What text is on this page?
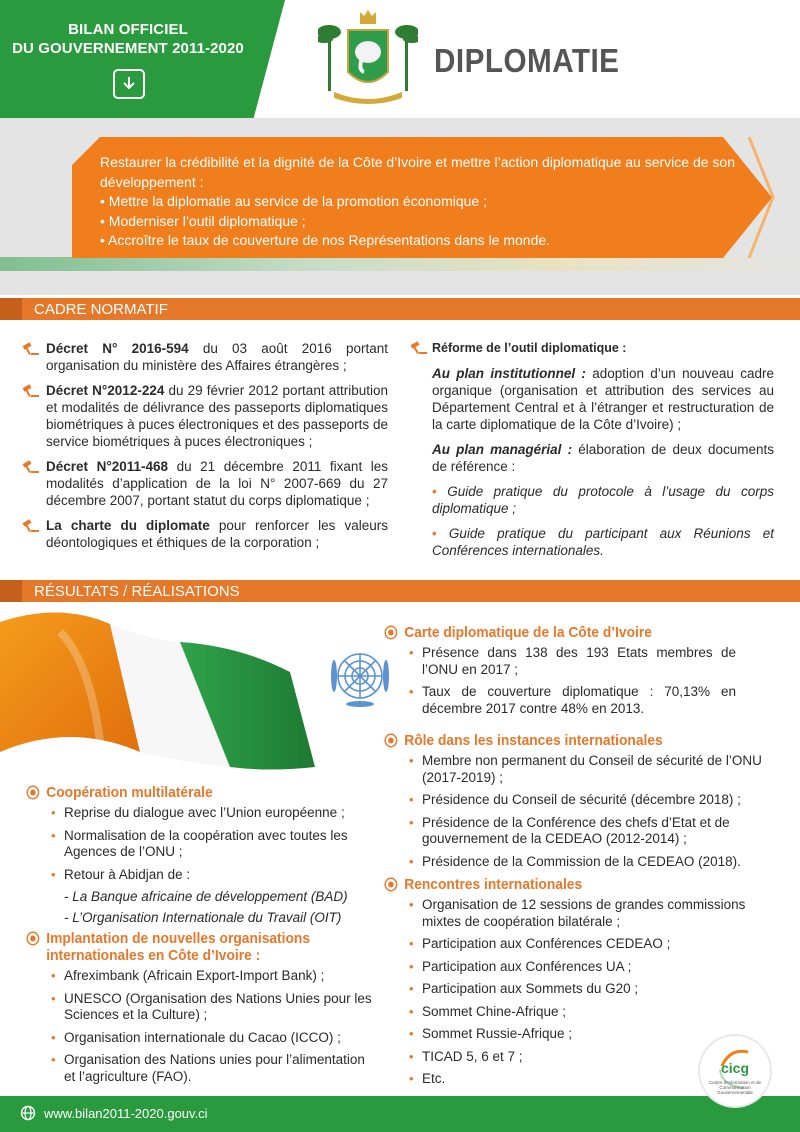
BILAN OFFICIEL
DU GOUVERNEMENT 2011-2020	DIPLOMATIE
Restaurer la crédibilité et la dignité de la Côte d’Ivoire et mettre l’action diplomatique au service de son développement :
• Mettre la diplomatie au service de la promotion économique ;
• Moderniser l’outil diplomatique ;
• Accroître le taux de couverture de nos Représentations dans le monde.
CADRE NORMATIF
Décret N° 2016-594 du 03 août 2016 portant organisation du ministère des Affaires étrangères ;
Décret N°2012-224 du 29 février 2012 portant attribution et modalités de délivrance des passeports diplomatiques biométriques à puces électroniques et des passeports de service biométriques à puces électroniques ;
Décret N°2011-468 du 21 décembre 2011 fixant les modalités d’application de la loi N° 2007-669 du 27 décembre 2007, portant statut du corps diplomatique ;
La charte du diplomate pour renforcer les valeurs déontologiques et éthiques de la corporation ;
Réforme de l’outil diplomatique :

Au plan institutionnel : adoption d’un nouveau cadre organique (organisation et attribution des services au Département Central et à l’étranger et restructuration de la carte diplomatique de la Côte d’Ivoire) ;

Au plan managérial : élaboration de deux documents de référence :

• Guide pratique du protocole à l’usage du corps diplomatique ;
• Guide pratique du participant aux Réunions et Conférences internationales.
RÉSULTATS / RÉALISATIONS
Carte diplomatique de la Côte d’Ivoire
• Présence dans 138 des 193 Etats membres de l’ONU en 2017 ;
• Taux de couverture diplomatique : 70,13% en décembre 2017 contre 48% en 2013.
Rôle dans les instances internationales
• Membre non permanent du Conseil de sécurité de l’ONU (2017-2019) ;
• Présidence du Conseil de sécurité (décembre 2018) ;
• Présidence de la Conférence des chefs d’Etat et de gouvernement de la CEDEAO (2012-2014) ;
• Présidence de la Commission de la CEDEAO (2018).
Rencontres internationales
• Organisation de 12 sessions de grandes commissions mixtes de coopération bilatérale ;
• Participation aux Conférences CEDEAO ;
• Participation aux Conférences UA ;
• Participation aux Sommets du G20 ;
• Sommet Chine-Afrique ;
• Sommet Russie-Afrique ;
• TICAD 5, 6 et 7 ;
• Etc.
Coopération multilatérale
• Reprise du dialogue avec l’Union européenne ;
• Normalisation de la coopération avec toutes les Agences de l’ONU ;
• Retour à Abidjan de :
- La Banque africaine de développement (BAD)
- L’Organisation Internationale du Travail (OIT)
Implantation de nouvelles organisations
internationales en Côte d’Ivoire :
• Afreximbank (Africain Export-Import Bank) ;
• UNESCO (Organisation des Nations Unies pour les Sciences et la Culture) ;
• Organisation internationale du Cacao (ICCO) ;
• Organisation des Nations unies pour l’alimentation et l’agriculture (FAO).
www.bilan2011-2020.gouv.ci
cicg
Centre d’Information et de Communication Gouvernementale
